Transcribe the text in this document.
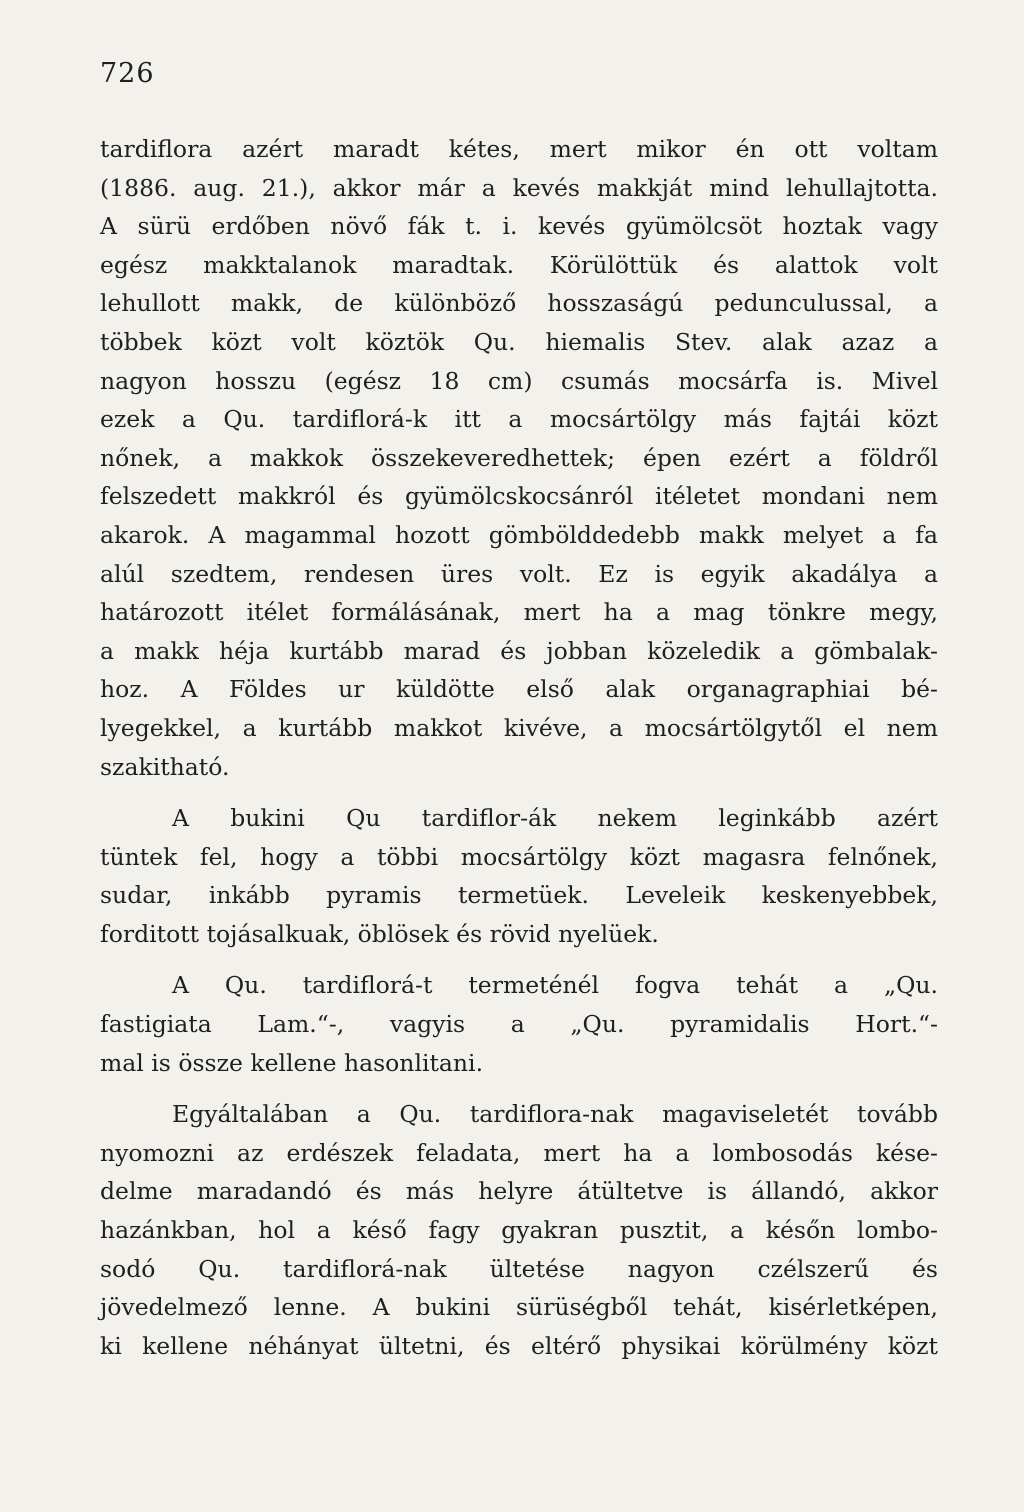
726
tardiflora azért maradt kétes, mert mikor én ott voltam
(1886. aug. 21.), akkor már a kevés makkját mind lehullajtotta.
A sürü erdőben növő fák t. i. kevés gyümölcsöt hoztak vagy
egész makktalanok maradtak. Körülöttük és alattok volt
lehullott makk, de különböző hosszaságú pedunculussal, a
többek közt volt köztök Qu. hiemalis Stev. alak azaz a
nagyon hosszu (egész 18 cm) csumás mocsárfa is. Mivel
ezek a Qu. tardiflorá-k itt a mocsártölgy más fajtái közt
nőnek, a makkok összekeveredhettek; épen ezért a földről
felszedett makkról és gyümölcskocsánról itéletet mondani nem
akarok. A magammal hozott gömbölddedebb makk melyet a fa
alúl szedtem, rendesen üres volt. Ez is egyik akadálya a
határozott itélet formálásának, mert ha a mag tönkre megy,
a makk héja kurtább marad és jobban közeledik a gömbalak-
hoz. A Földes ur küldötte első alak organagraphiai bé-
lyegekkel, a kurtább makkot kivéve, a mocsártölgytől el nem
szakitható.
A bukini Qu tardiflor-ák nekem leginkább azért
tüntek fel, hogy a többi mocsártölgy közt magasra felnőnek,
sudar, inkább pyramis termetüek. Leveleik keskenyebbek,
forditott tojásalkuak, öblösek és rövid nyelüek.
A Qu. tardiflorá-t termeténél fogva tehát a „Qu.
fastigiata Lam.“-, vagyis a „Qu. pyramidalis Hort.“-
mal is össze kellene hasonlitani.
Egyáltalában a Qu. tardiflora-nak magaviseletét tovább
nyomozni az erdészek feladata, mert ha a lombosodás kése-
delme maradandó és más helyre átültetve is állandó, akkor
hazánkban, hol a késő fagy gyakran pusztit, a későn lombo-
sodó Qu. tardiflorá-nak ültetése nagyon czélszerű és
jövedelmező lenne. A bukini sürüségből tehát, kisérletképen,
ki kellene néhányat ültetni, és eltérő physikai körülmény közt
